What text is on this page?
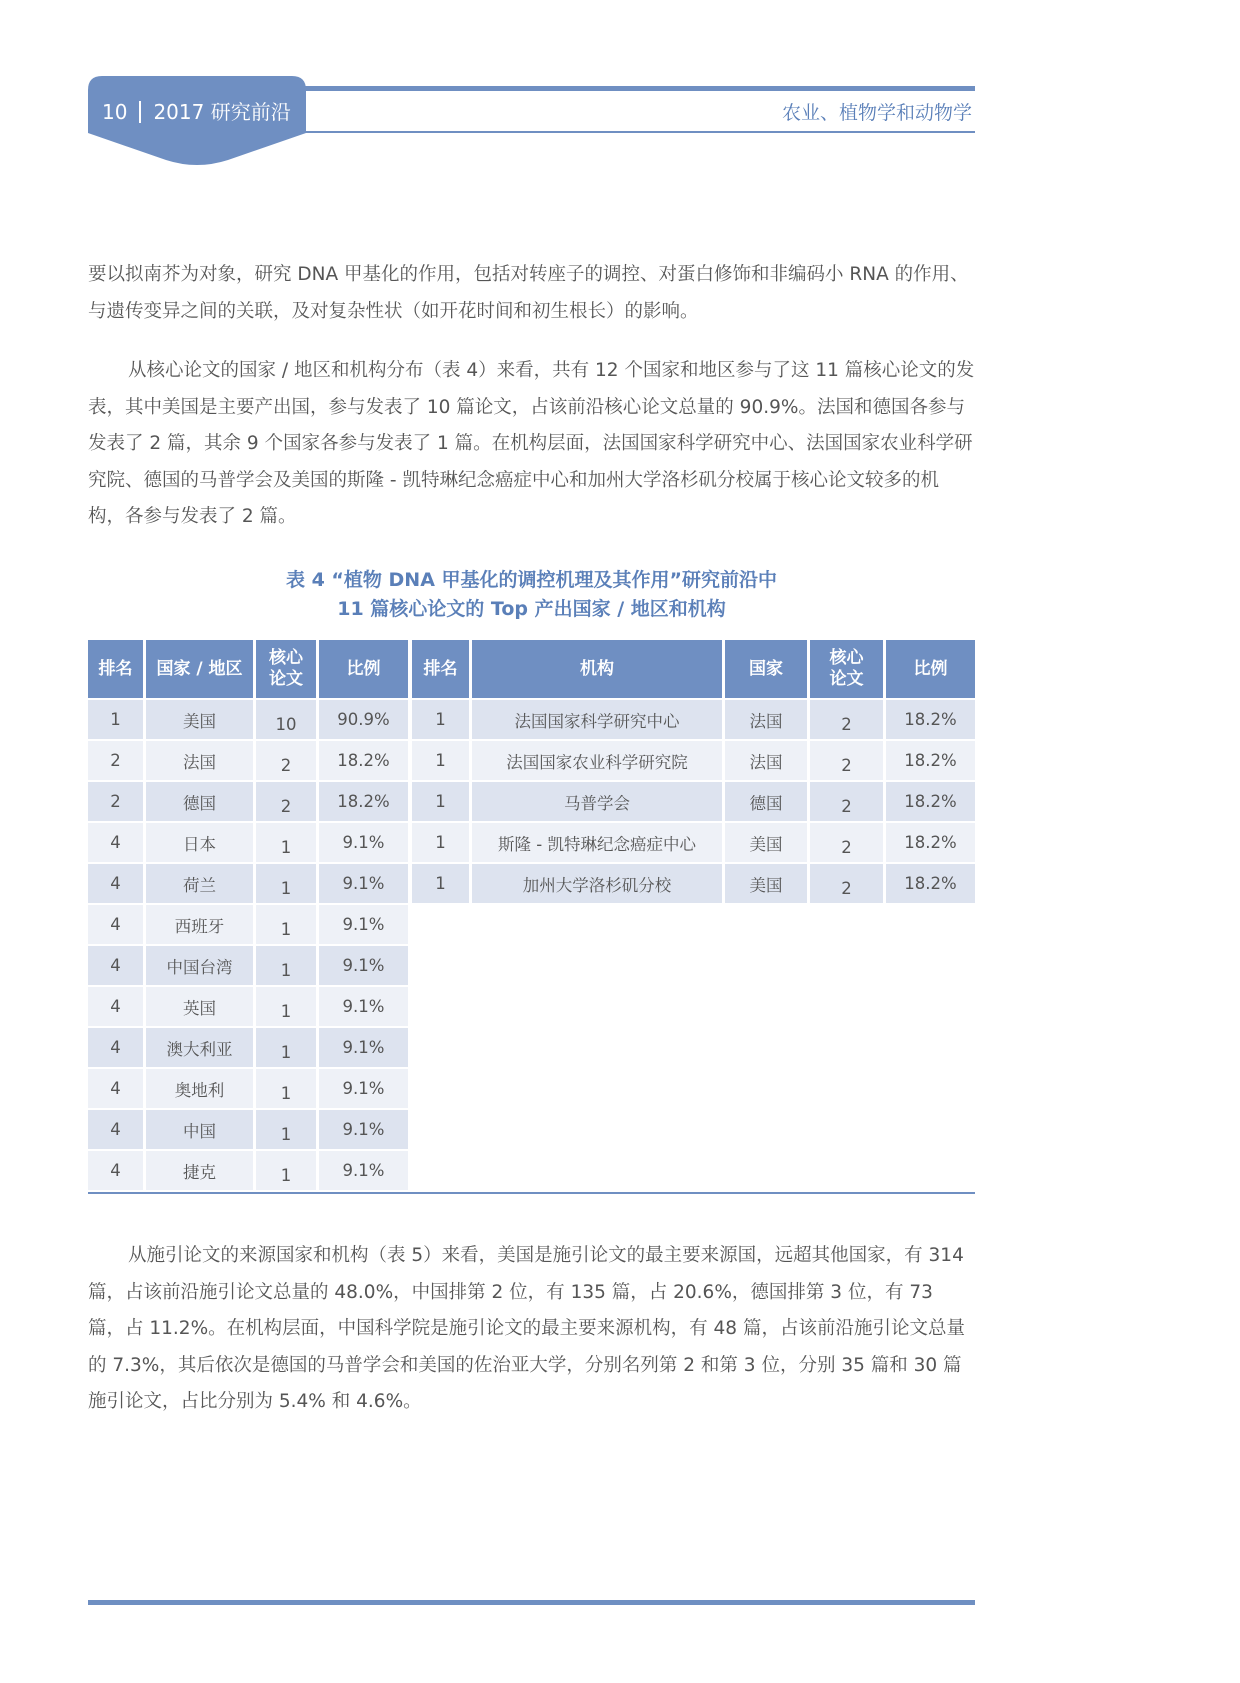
10 2017 研究前沿	农业、植物学和动物学

要以拟南芥为对象，研究 DNA 甲基化的作用，包括对转座子的调控、对蛋白修饰和非编码小 RNA 的作用、与遗传变异之间的关联，及对复杂性状（如开花时间和初生根长）的影响。

从核心论文的国家 / 地区和机构分布（表 4）来看，共有 12 个国家和地区参与了这 11 篇核心论文的发表，其中美国是主要产出国，参与发表了 10 篇论文，占该前沿核心论文总量的 90.9%。法国和德国各参与发表了 2 篇，其余 9 个国家各参与发表了 1 篇。在机构层面，法国国家科学研究中心、法国国家农业科学研究院、德国的马普学会及美国的斯隆 - 凯特琳纪念癌症中心和加州大学洛杉矶分校属于核心论文较多的机构，各参与发表了 2 篇。

表 4 “植物 DNA 甲基化的调控机理及其作用”研究前沿中
11 篇核心论文的 Top 产出国家 / 地区和机构
排名	国家 / 地区	核心论文	比例
1	美国	10	90.9%
2	法国	2	18.2%
2	德国	2	18.2%
4	日本	1	9.1%
4	荷兰	1	9.1%
4	西班牙	1	9.1%
4	中国台湾	1	9.1%
4	英国	1	9.1%
4	澳大利亚	1	9.1%
4	奥地利	1	9.1%
4	中国	1	9.1%
4	捷克	1	9.1%
排名	机构	国家	核心论文	比例
1	法国国家科学研究中心	法国	2	18.2%
1	法国国家农业科学研究院	法国	2	18.2%
1	马普学会	德国	2	18.2%
1	斯隆 - 凯特琳纪念癌症中心	美国	2	18.2%
1	加州大学洛杉矶分校	美国	2	18.2%

从施引论文的来源国家和机构（表 5）来看，美国是施引论文的最主要来源国，远超其他国家，有 314 篇，占该前沿施引论文总量的 48.0%，中国排第 2 位，有 135 篇，占 20.6%，德国排第 3 位，有 73 篇，占 11.2%。在机构层面，中国科学院是施引论文的最主要来源机构，有 48 篇，占该前沿施引论文总量的 7.3%，其后依次是德国的马普学会和美国的佐治亚大学，分别名列第 2 和第 3 位，分别 35 篇和 30 篇施引论文，占比分别为 5.4% 和 4.6%。
